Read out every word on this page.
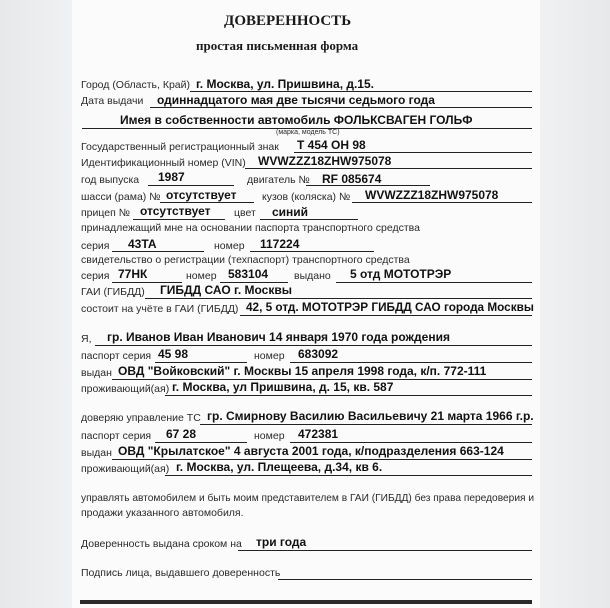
ДОВЕРЕННОСТЬ
простая письменная форма
Город (Область, Край) г. Москва, ул. Пришвина, д.15.
Дата выдачи одиннадцатого мая две тысячи седьмого года
Имея в собственности автомобиль ФОЛЬКСВАГЕН ГОЛЬФ
(марка, модель ТС)
Государственный регистрационный знак Т 454 ОН 98
Идентификационный номер (VIN) WVWZZZ18ZHW975078
год выпуска 1987	двигатель № RF 085674
шасси (рама) № отсутствует кузов (коляска) № WVWZZZ18ZHW975078
прицеп № отсутствует цвет синий
принадлежащий мне на основании паспорта транспортного средства
серия 43ТА	номер 117224
свидетельство о регистрации (техпаспорт) транспортного средства
серия 77НК	номер 583104 выдано 5 отд МОТОТРЭР
ГАИ (ГИБДД) ГИБДД САО г. Москвы
состоит на учёте в ГАИ (ГИБДД) 42, 5 отд. МОТОТРЭР ГИБДД САО города Москвы
Я, гр. Иванов Иван Иванович 14 января 1970 года рождения
паспорт серия 45 98	номер 683092
выдан ОВД "Войковский" г. Москвы 15 апреля 1998 года, к/п. 772-111
проживающий(ая) г. Москва, ул Пришвина, д. 15, кв. 587
доверяю управление ТС гр. Смирнову Василию Васильевичу 21 марта 1966 г.р.
паспорт серия 67 28	номер 472381
выдан ОВД "Крылатское" 4 августа 2001 года, к/подразделения 663-124
проживающий(ая) г. Москва, ул. Плещеева, д.34, кв 6.
управлять автомобилем и быть моим представителем в ГАИ (ГИБДД) без права передоверия и
продажи указанного автомобиля.
Доверенность выдана сроком на три года
Подпись лица, выдавшего доверенность
